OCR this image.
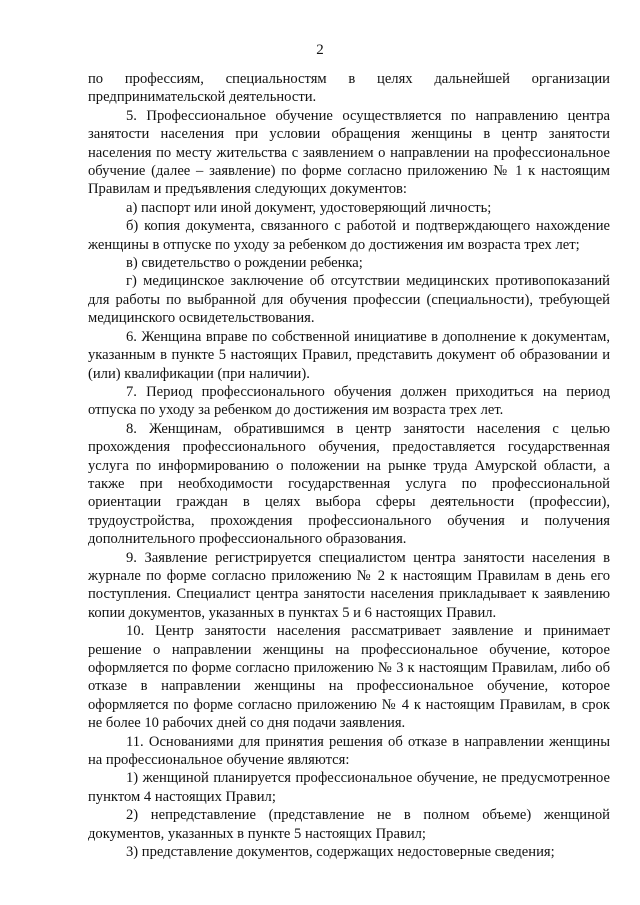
2

по профессиям, специальностям в целях дальнейшей организации предпринимательской деятельности.

5. Профессиональное обучение осуществляется по направлению центра занятости населения при условии обращения женщины в центр занятости населения по месту жительства с заявлением о направлении на профессиональное обучение (далее – заявление) по форме согласно приложению № 1 к настоящим Правилам и предъявления следующих документов:

а) паспорт или иной документ, удостоверяющий личность;

б) копия документа, связанного с работой и подтверждающего нахождение женщины в отпуске по уходу за ребенком до достижения им возраста трех лет;

в) свидетельство о рождении ребенка;

г) медицинское заключение об отсутствии медицинских противопоказаний для работы по выбранной для обучения профессии (специальности), требующей медицинского освидетельствования.

6. Женщина вправе по собственной инициативе в дополнение к документам, указанным в пункте 5 настоящих Правил, представить документ об образовании и (или) квалификации (при наличии).

7. Период профессионального обучения должен приходиться на период отпуска по уходу за ребенком до достижения им возраста трех лет.

8. Женщинам, обратившимся в центр занятости населения с целью прохождения профессионального обучения, предоставляется государственная услуга по информированию о положении на рынке труда Амурской области, а также при необходимости государственная услуга по профессиональной ориентации граждан в целях выбора сферы деятельности (профессии), трудоустройства, прохождения профессионального обучения и получения дополнительного профессионального образования.

9. Заявление регистрируется специалистом центра занятости населения в журнале по форме согласно приложению № 2 к настоящим Правилам в день его поступления. Специалист центра занятости населения прикладывает к заявлению копии документов, указанных в пунктах 5 и 6 настоящих Правил.

10. Центр занятости населения рассматривает заявление и принимает решение о направлении женщины на профессиональное обучение, которое оформляется по форме согласно приложению № 3 к настоящим Правилам, либо об отказе в направлении женщины на профессиональное обучение, которое оформляется по форме согласно приложению № 4 к настоящим Правилам, в срок не более 10 рабочих дней со дня подачи заявления.

11. Основаниями для принятия решения об отказе в направлении женщины на профессиональное обучение являются:

1) женщиной планируется профессиональное обучение, не предусмотренное пунктом 4 настоящих Правил;

2) непредставление (представление не в полном объеме) женщиной документов, указанных в пункте 5 настоящих Правил;

3) представление документов, содержащих недостоверные сведения;
